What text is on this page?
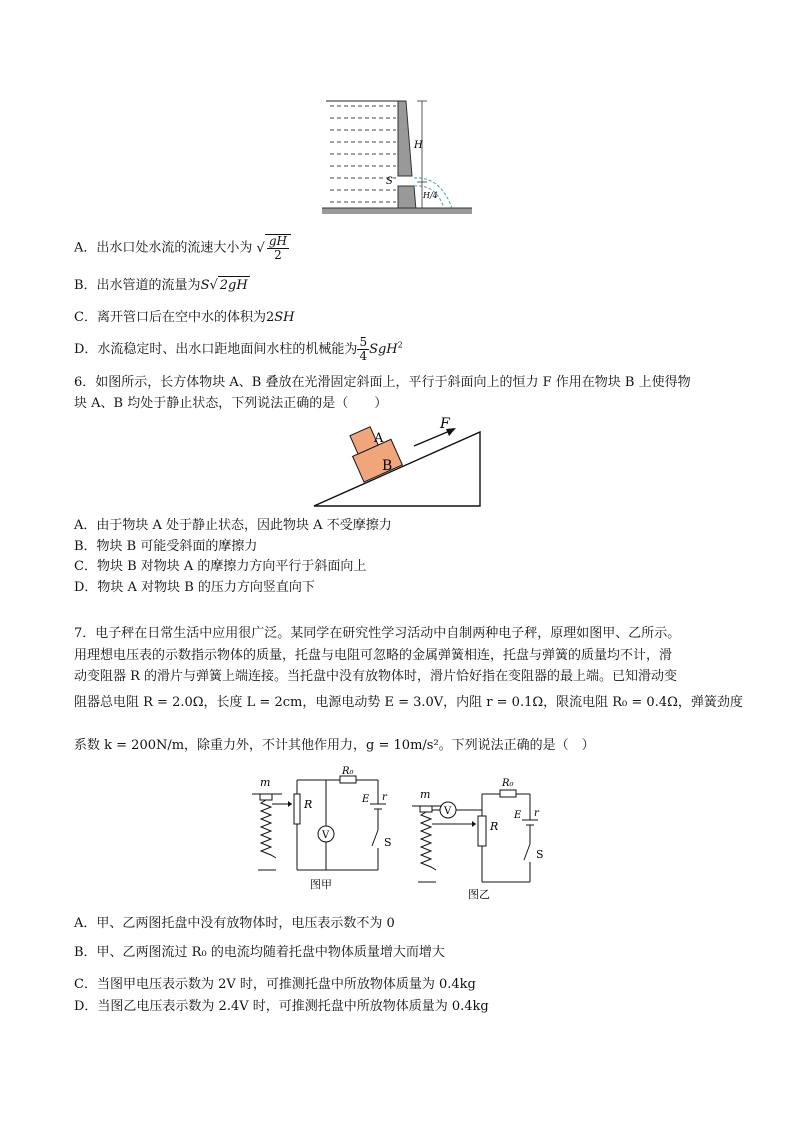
H
S
H/4
A．出水口处水流的流速大小为 √ $\frac{gH}{2}$
B．出水管道的流量为S√ 2gH
C．离开管口后在空中水的体积为2SH
D．水流稳定时、出水口距地面间水柱的机械能为 $\frac{5}{4} SgH^2$
6．如图所示，长方体物块 A、B 叠放在光滑固定斜面上，平行于斜面向上的恒力 F 作用在物块 B 上使得物
块 A、B 均处于静止状态，下列说法正确的是（　　）
B
A
F
A．由于物块 A 处于静止状态，因此物块 A 不受摩擦力
B．物块 B 可能受斜面的摩擦力
C．物块 B 对物块 A 的摩擦力方向平行于斜面向上
D．物块 A 对物块 B 的压力方向竖直向下
7．电子秤在日常生活中应用很广泛。某同学在研究性学习活动中自制两种电子秤，原理如图甲、乙所示。
用理想电压表的示数指示物体的质量，托盘与电阻可忽略的金属弹簧相连，托盘与弹簧的质量均不计，滑
动变阻器 R 的滑片与弹簧上端连接。当托盘中没有放物体时，滑片恰好指在变阻器的最上端。已知滑动变
阻器总电阻 R = 2.0Ω，长度 L = 2cm，电源电动势 E = 3.0V，内阻 r = 0.1Ω，限流电阻 R₀ = 0.4Ω，弹簧劲度
系数 k = 200N/m，除重力外，不计其他作用力，g = 10m/s²。下列说法正确的是（　）
m
R
R₀
E r
S
V
图甲
m
V
R
R₀
E r
S
图乙
A．甲、乙两图托盘中没有放物体时，电压表示数不为 0
B．甲、乙两图流过 R₀ 的电流均随着托盘中物体质量增大而增大
C．当图甲电压表示数为 2V 时，可推测托盘中所放物体质量为 0.4kg
D．当图乙电压表示数为 2.4V 时，可推测托盘中所放物体质量为 0.4kg
